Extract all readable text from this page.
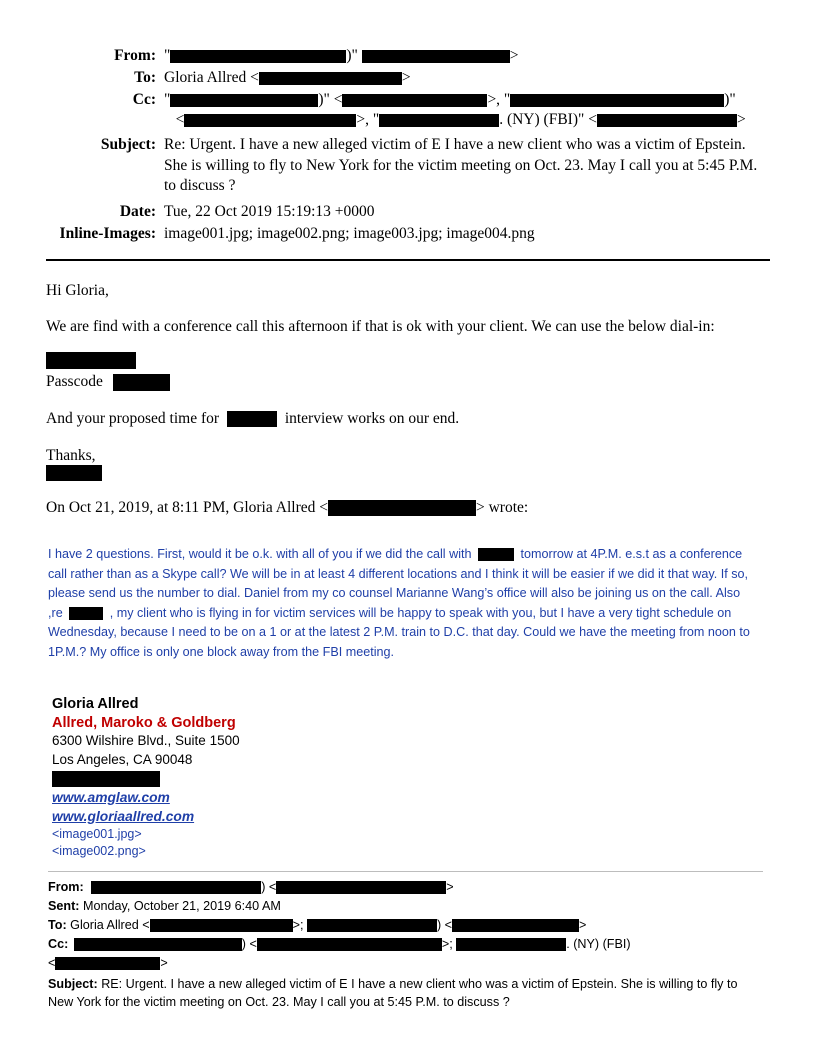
From: "	)"	>
To: Gloria Allred <	>
Cc: "	)" <	>, "	)"
<	>, "	. (NY) (FBI)" <	>
Subject: Re: Urgent. I have a new alleged victim of E I have a new client who was a victim of Epstein. She is willing to fly to New York for the victim meeting on Oct. 23. May I call you at 5:45 P.M. to discuss ?
Date: Tue, 22 Oct 2019 15:19:13 +0000
Inline-Images: image001.jpg; image002.png; image003.jpg; image004.png
Hi Gloria,
We are find with a conference call this afternoon if that is ok with your client. We can use the below dial-in:
Passcode
And your proposed time for	interview works on our end.
Thanks,
On Oct 21, 2019, at 8:11 PM, Gloria Allred <	> wrote:
I have 2 questions. First, would it be o.k. with all of you if we did the call with	tomorrow at 4P.M. e.s.t as a conference call rather than as a Skype call? We will be in at least 4 different locations and I think it will be easier if we did it that way. If so, please send us the number to dial. Daniel from my co counsel Marianne Wang’s office will also be joining us on the call. Also ,re	, my client who is flying in for victim services will be happy to speak with you, but I have a very tight schedule on Wednesday, because I need to be on a 1 or at the latest 2 P.M. train to D.C. that day. Could we have the meeting from noon to 1P.M.? My office is only one block away from the FBI meeting.
Gloria Allred
Allred, Maroko & Goldberg
6300 Wilshire Blvd., Suite 1500
Los Angeles, CA 90048
www.amglaw.com
www.gloriaallred.com
<image001.jpg>
<image002.png>
From:	) <	>
Sent: Monday, October 21, 2019 6:40 AM
To: Gloria Allred <	>;	) <	>
Cc:	) <	>;	. (NY) (FBI)
<	>
Subject: RE: Urgent. I have a new alleged victim of E I have a new client who was a victim of Epstein. She is willing to fly to New York for the victim meeting on Oct. 23. May I call you at 5:45 P.M. to discuss ?
